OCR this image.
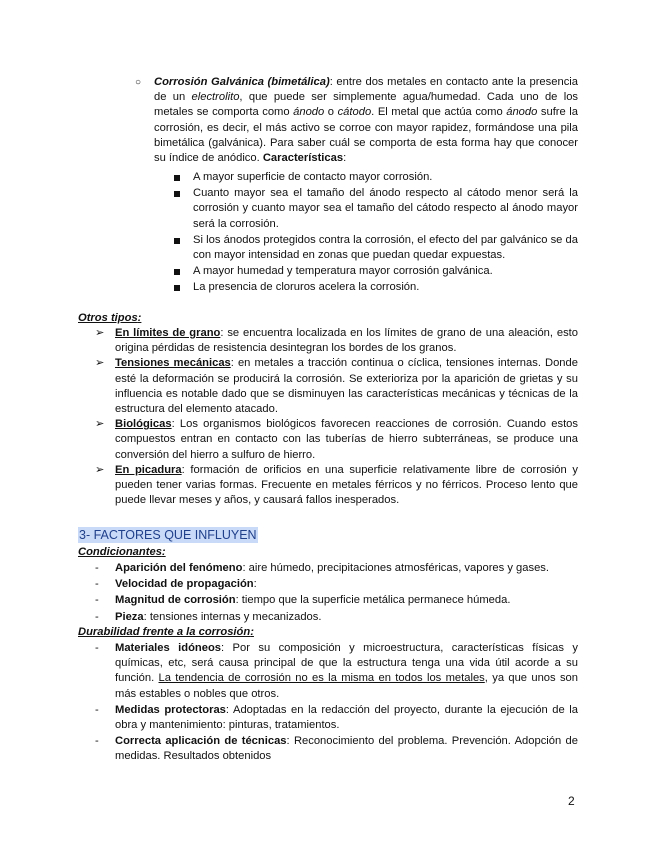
○ Corrosión Galvánica (bimetálica): entre dos metales en contacto ante la presencia de un electrolito, que puede ser simplemente agua/humedad. Cada uno de los metales se comporta como ánodo o cátodo. El metal que actúa como ánodo sufre la corrosión, es decir, el más activo se corroe con mayor rapidez, formándose una pila bimetálica (galvánica). Para saber cuál se comporta de esta forma hay que conocer su índice de anódico. Características:

A mayor superficie de contacto mayor corrosión.
Cuanto mayor sea el tamaño del ánodo respecto al cátodo menor será la corrosión y cuanto mayor sea el tamaño del cátodo respecto al ánodo mayor será la corrosión.
Si los ánodos protegidos contra la corrosión, el efecto del par galvánico se da con mayor intensidad en zonas que puedan quedar expuestas.
A mayor humedad y temperatura mayor corrosión galvánica.
La presencia de cloruros acelera la corrosión.

Otros tipos:

➢ En límites de grano: se encuentra localizada en los límites de grano de una aleación, esto origina pérdidas de resistencia desintegran los bordes de los granos.
➢ Tensiones mecánicas: en metales a tracción continua o cíclica, tensiones internas. Donde esté la deformación se producirá la corrosión. Se exterioriza por la aparición de grietas y su influencia es notable dado que se disminuyen las características mecánicas y técnicas de la estructura del elemento atacado.
➢ Biológicas: Los organismos biológicos favorecen reacciones de corrosión. Cuando estos compuestos entran en contacto con las tuberías de hierro subterráneas, se produce una conversión del hierro a sulfuro de hierro.
➢ En picadura: formación de orificios en una superficie relativamente libre de corrosión y pueden tener varias formas. Frecuente en metales férricos y no férricos. Proceso lento que puede llevar meses y años, y causará fallos inesperados.

3- FACTORES QUE INFLUYEN

Condicionantes:

- Aparición del fenómeno: aire húmedo, precipitaciones atmosféricas, vapores y gases.
- Velocidad de propagación:
- Magnitud de corrosión: tiempo que la superficie metálica permanece húmeda.
- Pieza: tensiones internas y mecanizados.

Durabilidad frente a la corrosión:

- Materiales idóneos: Por su composición y microestructura, características físicas y químicas, etc, será causa principal de que la estructura tenga una vida útil acorde a su función. La tendencia de corrosión no es la misma en todos los metales, ya que unos son más estables o nobles que otros.
- Medidas protectoras: Adoptadas en la redacción del proyecto, durante la ejecución de la obra y mantenimiento: pinturas, tratamientos.
- Correcta aplicación de técnicas: Reconocimiento del problema. Prevención. Adopción de medidas. Resultados obtenidos
2
